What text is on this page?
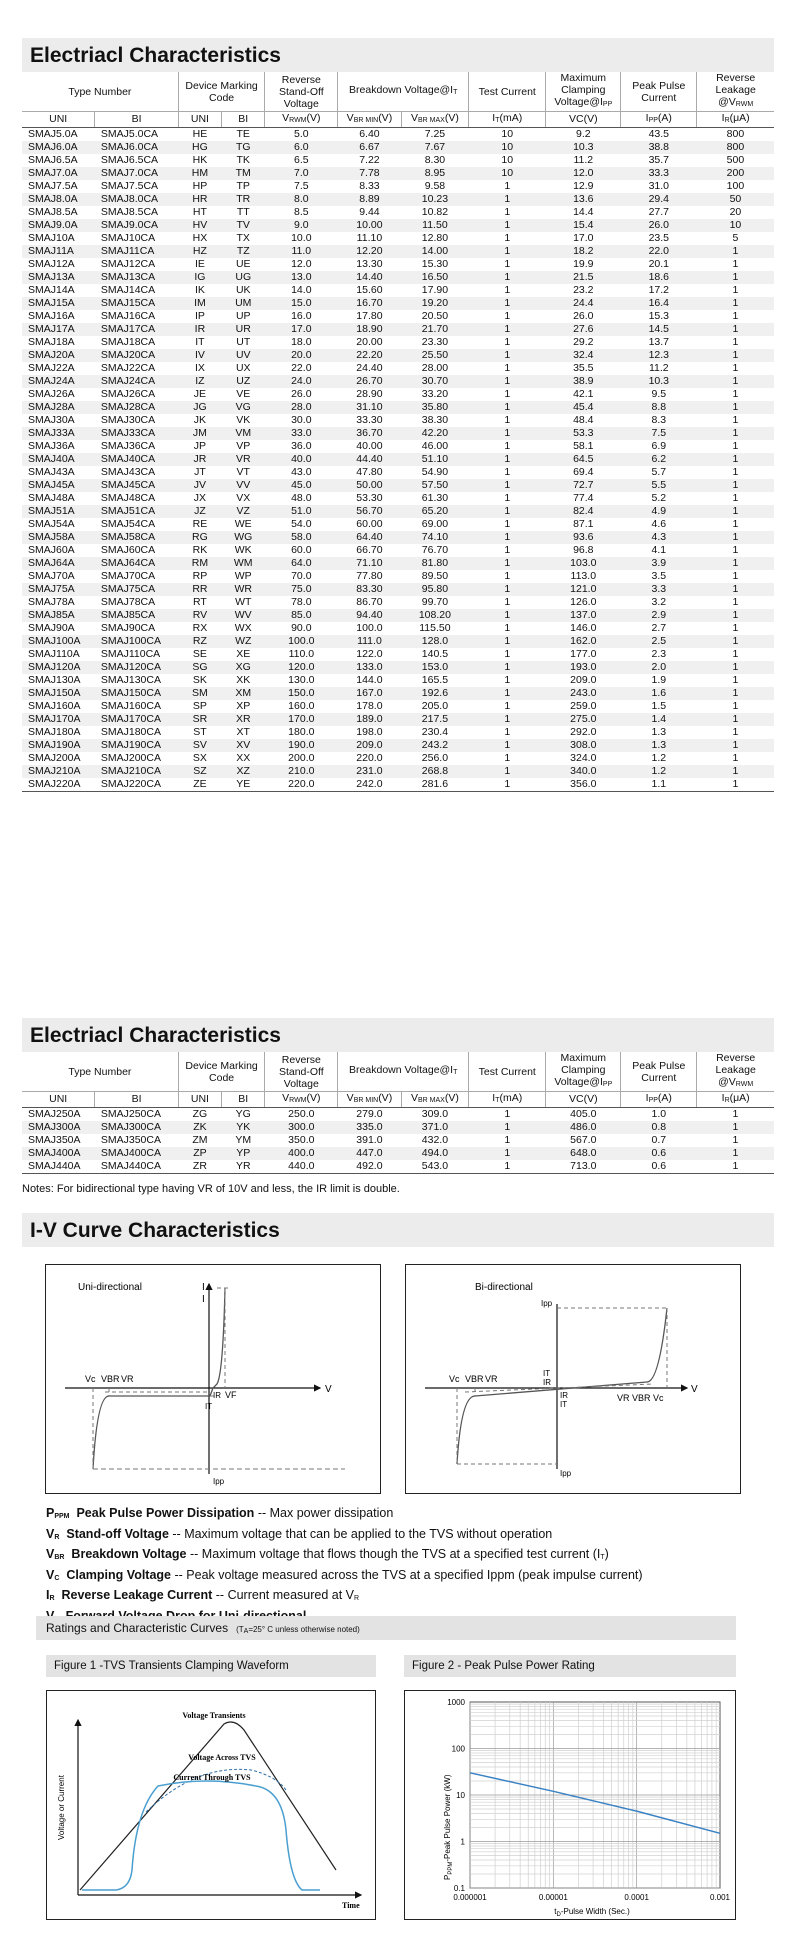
Electriacl Characteristics
Type Number		Device Marking Code		Reverse Stand-Off Voltage	Breakdown $Voltage@I_T$		Test Current	Maximum Clamping $Voltage@I_{PP}$	Peak Pulse Current	Reverse Leakage $@V_{RWM}$
UNI	BI	UNI	BI	$V_{RWM}(V)$	$V_{BR MIN}(V)$	$V_{BR MAX}(V)$	$I_T(mA)$	VC(V)	$I_{PP}(A)$	$I_R(\mu A)$
SMAJ5.0A	SMAJ5.0CA	HE	TE	5.0	6.40	7.25	10	9.2	43.5	800
SMAJ6.0A	SMAJ6.0CA	HG	TG	6.0	6.67	7.67	10	10.3	38.8	800
SMAJ6.5A	SMAJ6.5CA	HK	TK	6.5	7.22	8.30	10	11.2	35.7	500
SMAJ7.0A	SMAJ7.0CA	HM	TM	7.0	7.78	8.95	10	12.0	33.3	200
SMAJ7.5A	SMAJ7.5CA	HP	TP	7.5	8.33	9.58	1	12.9	31.0	100
SMAJ8.0A	SMAJ8.0CA	HR	TR	8.0	8.89	10.23	1	13.6	29.4	50
SMAJ8.5A	SMAJ8.5CA	HT	TT	8.5	9.44	10.82	1	14.4	27.7	20
SMAJ9.0A	SMAJ9.0CA	HV	TV	9.0	10.00	11.50	1	15.4	26.0	10
SMAJ10A	SMAJ10CA	HX	TX	10.0	11.10	12.80	1	17.0	23.5	5
SMAJ11A	SMAJ11CA	HZ	TZ	11.0	12.20	14.00	1	18.2	22.0	1
SMAJ12A	SMAJ12CA	IE	UE	12.0	13.30	15.30	1	19.9	20.1	1
SMAJ13A	SMAJ13CA	IG	UG	13.0	14.40	16.50	1	21.5	18.6	1
SMAJ14A	SMAJ14CA	IK	UK	14.0	15.60	17.90	1	23.2	17.2	1
SMAJ15A	SMAJ15CA	IM	UM	15.0	16.70	19.20	1	24.4	16.4	1
SMAJ16A	SMAJ16CA	IP	UP	16.0	17.80	20.50	1	26.0	15.3	1
SMAJ17A	SMAJ17CA	IR	UR	17.0	18.90	21.70	1	27.6	14.5	1
SMAJ18A	SMAJ18CA	IT	UT	18.0	20.00	23.30	1	29.2	13.7	1
SMAJ20A	SMAJ20CA	IV	UV	20.0	22.20	25.50	1	32.4	12.3	1
SMAJ22A	SMAJ22CA	IX	UX	22.0	24.40	28.00	1	35.5	11.2	1
SMAJ24A	SMAJ24CA	IZ	UZ	24.0	26.70	30.70	1	38.9	10.3	1
SMAJ26A	SMAJ26CA	JE	VE	26.0	28.90	33.20	1	42.1	9.5	1
SMAJ28A	SMAJ28CA	JG	VG	28.0	31.10	35.80	1	45.4	8.8	1
SMAJ30A	SMAJ30CA	JK	VK	30.0	33.30	38.30	1	48.4	8.3	1
SMAJ33A	SMAJ33CA	JM	VM	33.0	36.70	42.20	1	53.3	7.5	1
SMAJ36A	SMAJ36CA	JP	VP	36.0	40.00	46.00	1	58.1	6.9	1
SMAJ40A	SMAJ40CA	JR	VR	40.0	44.40	51.10	1	64.5	6.2	1
SMAJ43A	SMAJ43CA	JT	VT	43.0	47.80	54.90	1	69.4	5.7	1
SMAJ45A	SMAJ45CA	JV	VV	45.0	50.00	57.50	1	72.7	5.5	1
SMAJ48A	SMAJ48CA	JX	VX	48.0	53.30	61.30	1	77.4	5.2	1
SMAJ51A	SMAJ51CA	JZ	VZ	51.0	56.70	65.20	1	82.4	4.9	1
SMAJ54A	SMAJ54CA	RE	WE	54.0	60.00	69.00	1	87.1	4.6	1
SMAJ58A	SMAJ58CA	RG	WG	58.0	64.40	74.10	1	93.6	4.3	1
SMAJ60A	SMAJ60CA	RK	WK	60.0	66.70	76.70	1	96.8	4.1	1
SMAJ64A	SMAJ64CA	RM	WM	64.0	71.10	81.80	1	103.0	3.9	1
SMAJ70A	SMAJ70CA	RP	WP	70.0	77.80	89.50	1	113.0	3.5	1
SMAJ75A	SMAJ75CA	RR	WR	75.0	83.30	95.80	1	121.0	3.3	1
SMAJ78A	SMAJ78CA	RT	WT	78.0	86.70	99.70	1	126.0	3.2	1
SMAJ85A	SMAJ85CA	RV	WV	85.0	94.40	108.20	1	137.0	2.9	1
SMAJ90A	SMAJ90CA	RX	WX	90.0	100.0	115.50	1	146.0	2.7	1
SMAJ100A	SMAJ100CA	RZ	WZ	100.0	111.0	128.0	1	162.0	2.5	1
SMAJ110A	SMAJ110CA	SE	XE	110.0	122.0	140.5	1	177.0	2.3	1
SMAJ120A	SMAJ120CA	SG	XG	120.0	133.0	153.0	1	193.0	2.0	1
SMAJ130A	SMAJ130CA	SK	XK	130.0	144.0	165.5	1	209.0	1.9	1
SMAJ150A	SMAJ150CA	SM	XM	150.0	167.0	192.6	1	243.0	1.6	1
SMAJ160A	SMAJ160CA	SP	XP	160.0	178.0	205.0	1	259.0	1.5	1
SMAJ170A	SMAJ170CA	SR	XR	170.0	189.0	217.5	1	275.0	1.4	1
SMAJ180A	SMAJ180CA	ST	XT	180.0	198.0	230.4	1	292.0	1.3	1
SMAJ190A	SMAJ190CA	SV	XV	190.0	209.0	243.2	1	308.0	1.3	1
SMAJ200A	SMAJ200CA	SX	XX	200.0	220.0	256.0	1	324.0	1.2	1
SMAJ210A	SMAJ210CA	SZ	XZ	210.0	231.0	268.8	1	340.0	1.2	1
SMAJ220A	SMAJ220CA	ZE	YE	220.0	242.0	281.6	1	356.0	1.1	1
Electriacl Characteristics
Type Number		Device Marking Code		Reverse Stand-Off Voltage	Breakdown $Voltage@I_T$		Test Current	Maximum Clamping $Voltage@I_{PP}$	Peak Pulse Current	Reverse Leakage $@V_{RWM}$
UNI	BI	UNI	BI	$V_{RWM}(V)$	$V_{BR MIN}(V)$	$V_{BR MAX}(V)$	$I_T(mA)$	VC(V)	$I_{PP}(A)$	$I_R(\mu A)$
SMAJ250A	SMAJ250CA	ZG	YG	250.0	279.0	309.0	1	405.0	1.0	1
SMAJ300A	SMAJ300CA	ZK	YK	300.0	335.0	371.0	1	486.0	0.8	1
SMAJ350A	SMAJ350CA	ZM	YM	350.0	391.0	432.0	1	567.0	0.7	1
SMAJ400A	SMAJ400CA	ZP	YP	400.0	447.0	494.0	1	648.0	0.6	1
SMAJ440A	SMAJ440CA	ZR	YR	440.0	492.0	543.0	1	713.0	0.6	1
Notes: For bidirectional type having VR of 10V and less, the IR limit is double.
I-V Curve Characteristics
Uni-directional
V
I
I
Vc VBR VR
IR VF
IT
Ipp
Bi-directional
V
Ipp
IT
IR
IR
IT
Vc VBR VR
VR VBR Vc
Ipp
$P_{PPM}$ Peak Pulse Power Dissipation -- Max power dissipation
$V_R$ Stand-off Voltage -- Maximum voltage that can be applied to the TVS without operation
$V_{BR}$ Breakdown Voltage -- Maximum voltage that flows though the TVS at a specified test current $(I_T)$
$V_C$ Clamping Voltage -- Peak voltage measured across the TVS at a specified Ippm (peak impulse current)
$I_R$ Reverse Leakage Current -- Current measured at $V_R$

Ratings and Characteristic Curves ($T_A=25^\circ$ C unless otherwise noted)
Figure 1 -TVS Transients Clamping Waveform	Figure 2 - Peak Pulse Power Rating
Voltage Transients
Voltage Across TVS
Current Through TVS
Voltage or Current
Time
0.000001	0.00001	0.0001	0.001
1000
100
10
1
0.1
$P_{PPM}$-Peak Pulse Power (kW)
$t_D$-Pulse Width (Sec.)
